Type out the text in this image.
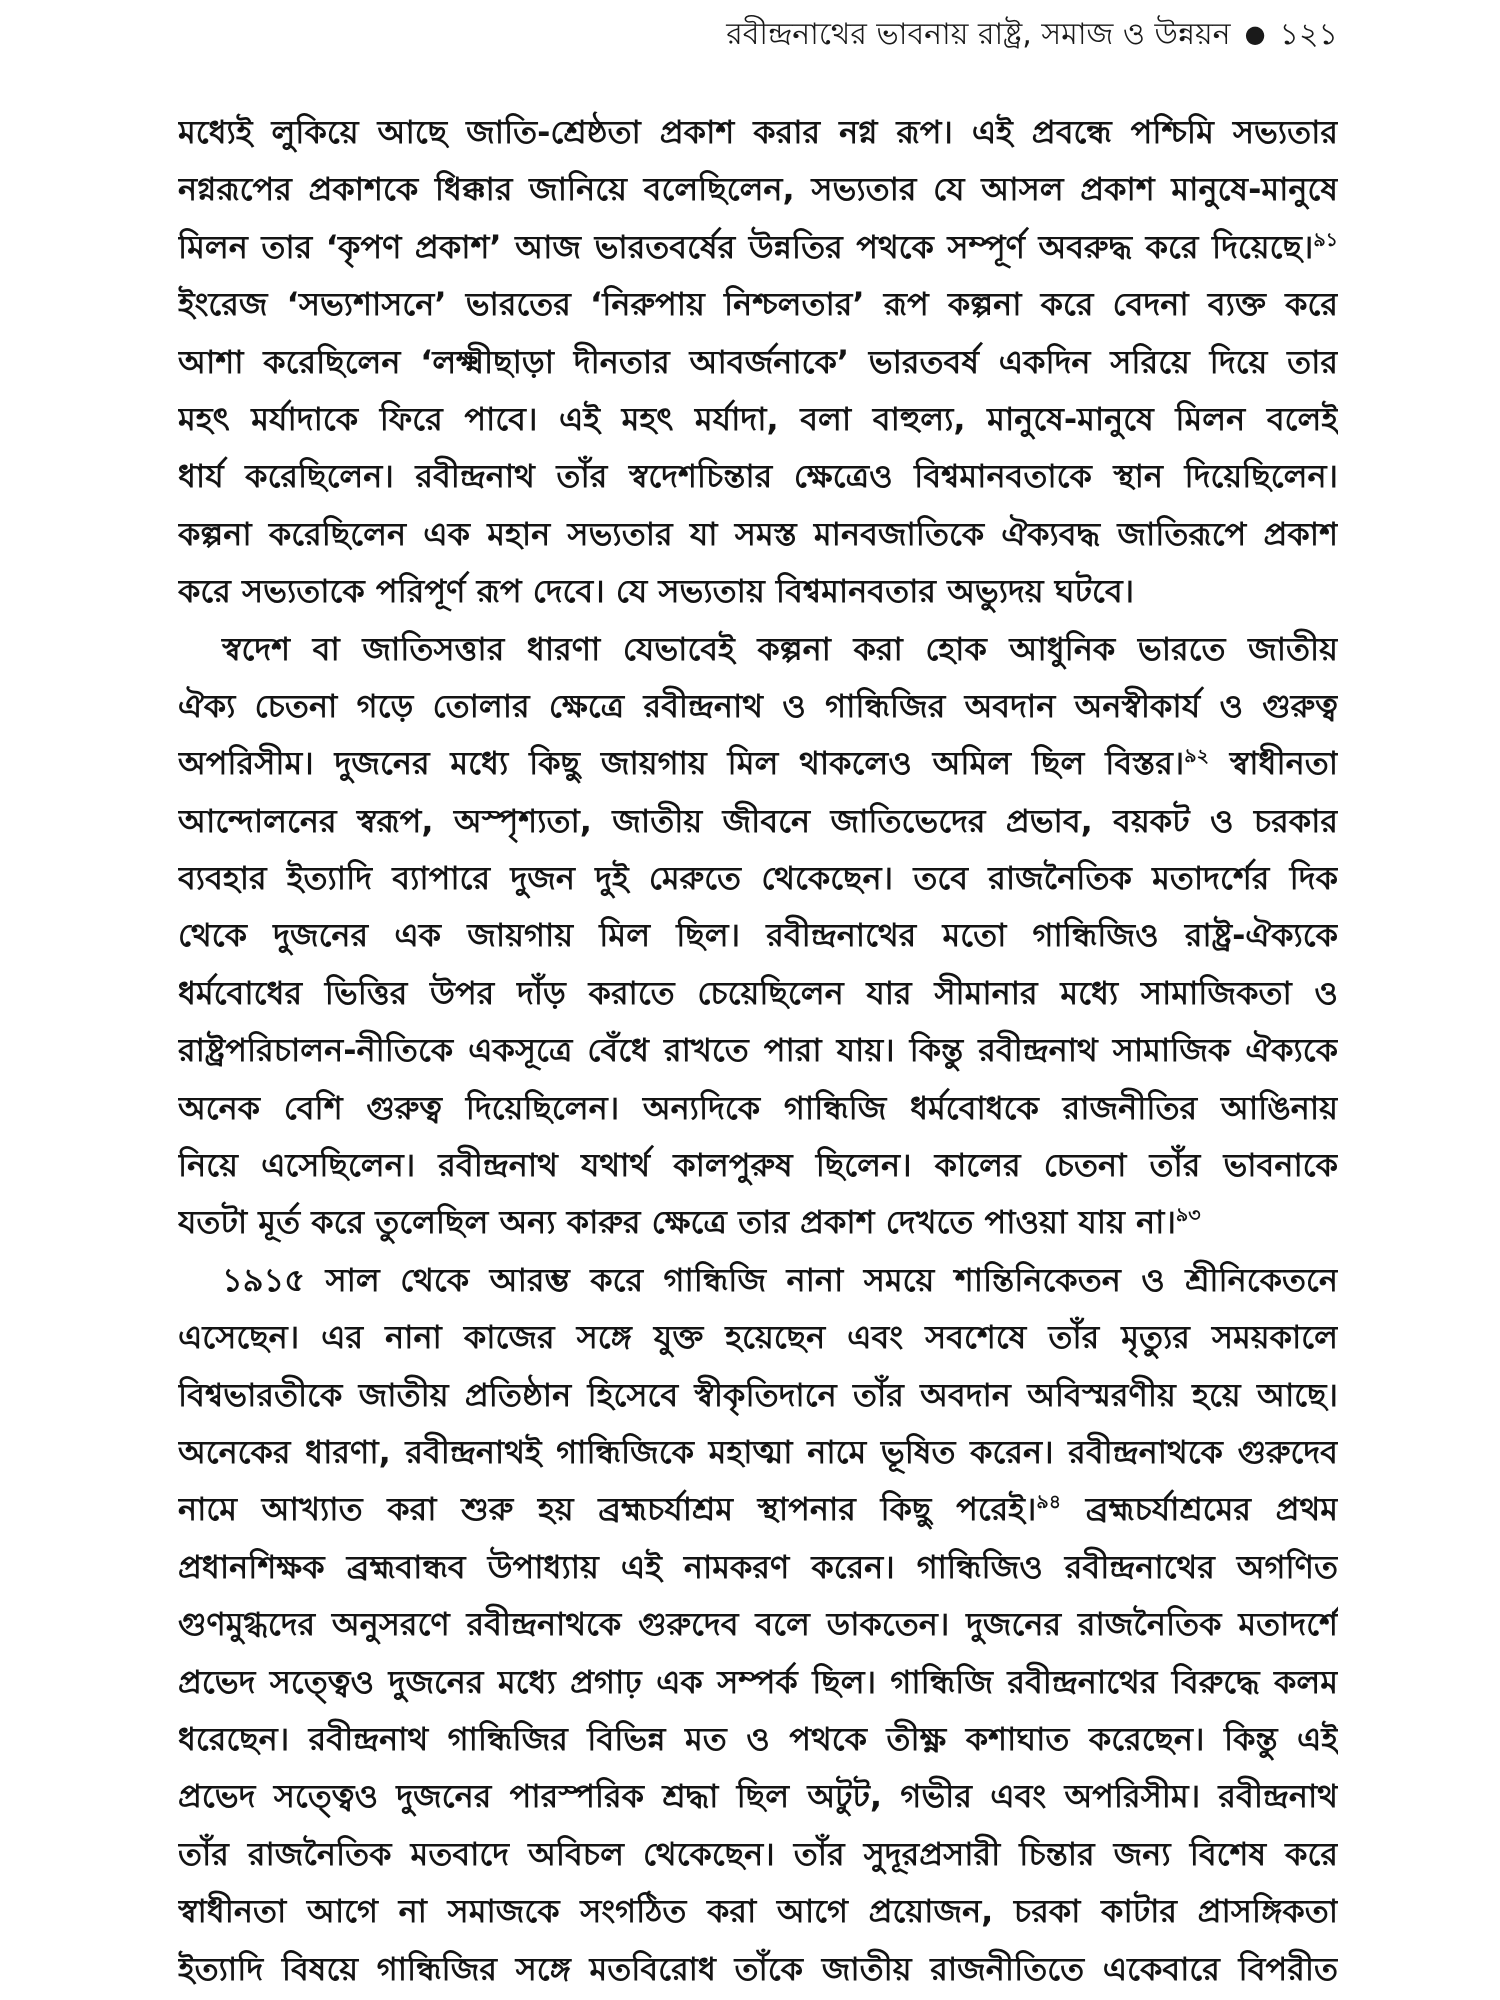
রবীন্দ্রনাথের ভাবনায় রাষ্ট্র, সমাজ ও উন্নয়ন ● ১২১
মধ্যেই লুকিয়ে আছে জাতি-শ্রেষ্ঠতা প্রকাশ করার নগ্ন রূপ। এই প্রবন্ধে পশ্চিমি সভ্যতার
নগ্নরূপের প্রকাশকে ধিক্কার জানিয়ে বলেছিলেন, সভ্যতার যে আসল প্রকাশ মানুষে-মানুষে
মিলন তার ‘কৃপণ প্রকাশ’ আজ ভারতবর্ষের উন্নতির পথকে সম্পূর্ণ অবরুদ্ধ করে দিয়েছে।$^{৯১}$
ইংরেজ ‘সভ্যশাসনে’ ভারতের ‘নিরুপায় নিশ্চলতার’ রূপ কল্পনা করে বেদনা ব্যক্ত করে
আশা করেছিলেন ‘লক্ষ্মীছাড়া দীনতার আবর্জনাকে’ ভারতবর্ষ একদিন সরিয়ে দিয়ে তার
মহৎ মর্যাদাকে ফিরে পাবে। এই মহৎ মর্যাদা, বলা বাহুল্য, মানুষে-মানুষে মিলন বলেই
ধার্য করেছিলেন। রবীন্দ্রনাথ তাঁর স্বদেশচিন্তার ক্ষেত্রেও বিশ্বমানবতাকে স্থান দিয়েছিলেন।
কল্পনা করেছিলেন এক মহান সভ্যতার যা সমস্ত মানবজাতিকে ঐক্যবদ্ধ জাতিরূপে প্রকাশ
করে সভ্যতাকে পরিপূর্ণ রূপ দেবে। যে সভ্যতায় বিশ্বমানবতার অভ্যুদয় ঘটবে।
স্বদেশ বা জাতিসত্তার ধারণা যেভাবেই কল্পনা করা হোক আধুনিক ভারতে জাতীয়
ঐক্য চেতনা গড়ে তোলার ক্ষেত্রে রবীন্দ্রনাথ ও গান্ধিজির অবদান অনস্বীকার্য ও গুরুত্ব
অপরিসীম। দুজনের মধ্যে কিছু জায়গায় মিল থাকলেও অমিল ছিল বিস্তর।$^{৯২}$ স্বাধীনতা
আন্দোলনের স্বরূপ, অস্পৃশ্যতা, জাতীয় জীবনে জাতিভেদের প্রভাব, বয়কট ও চরকার
ব্যবহার ইত্যাদি ব্যাপারে দুজন দুই মেরুতে থেকেছেন। তবে রাজনৈতিক মতাদর্শের দিক
থেকে দুজনের এক জায়গায় মিল ছিল। রবীন্দ্রনাথের মতো গান্ধিজিও রাষ্ট্র-ঐক্যকে
ধর্মবোধের ভিত্তির উপর দাঁড় করাতে চেয়েছিলেন যার সীমানার মধ্যে সামাজিকতা ও
রাষ্ট্রপরিচালন-নীতিকে একসূত্রে বেঁধে রাখতে পারা যায়। কিন্তু রবীন্দ্রনাথ সামাজিক ঐক্যকে
অনেক বেশি গুরুত্ব দিয়েছিলেন। অন্যদিকে গান্ধিজি ধর্মবোধকে রাজনীতির আঙিনায়
নিয়ে এসেছিলেন। রবীন্দ্রনাথ যথার্থ কালপুরুষ ছিলেন। কালের চেতনা তাঁর ভাবনাকে
যতটা মূর্ত করে তুলেছিল অন্য কারুর ক্ষেত্রে তার প্রকাশ দেখতে পাওয়া যায় না।$^{৯৩}$
১৯১৫ সাল থেকে আরম্ভ করে গান্ধিজি নানা সময়ে শান্তিনিকেতন ও শ্রীনিকেতনে
এসেছেন। এর নানা কাজের সঙ্গে যুক্ত হয়েছেন এবং সবশেষে তাঁর মৃত্যুর সময়কালে
বিশ্বভারতীকে জাতীয় প্রতিষ্ঠান হিসেবে স্বীকৃতিদানে তাঁর অবদান অবিস্মরণীয় হয়ে আছে।
অনেকের ধারণা, রবীন্দ্রনাথই গান্ধিজিকে মহাত্মা নামে ভূষিত করেন। রবীন্দ্রনাথকে গুরুদেব
নামে আখ্যাত করা শুরু হয় ব্রহ্মচর্যাশ্রম স্থাপনার কিছু পরেই।$^{৯৪}$ ব্রহ্মচর্যাশ্রমের প্রথম
প্রধানশিক্ষক ব্রহ্মবান্ধব উপাধ্যায় এই নামকরণ করেন। গান্ধিজিও রবীন্দ্রনাথের অগণিত
গুণমুগ্ধদের অনুসরণে রবীন্দ্রনাথকে গুরুদেব বলে ডাকতেন। দুজনের রাজনৈতিক মতাদর্শে
প্রভেদ সত্ত্বেও দুজনের মধ্যে প্রগাঢ় এক সম্পর্ক ছিল। গান্ধিজি রবীন্দ্রনাথের বিরুদ্ধে কলম
ধরেছেন। রবীন্দ্রনাথ গান্ধিজির বিভিন্ন মত ও পথকে তীক্ষ্ণ কশাঘাত করেছেন। কিন্তু এই
প্রভেদ সত্ত্বেও দুজনের পারস্পরিক শ্রদ্ধা ছিল অটুট, গভীর এবং অপরিসীম। রবীন্দ্রনাথ
তাঁর রাজনৈতিক মতবাদে অবিচল থেকেছেন। তাঁর সুদূরপ্রসারী চিন্তার জন্য বিশেষ করে
স্বাধীনতা আগে না সমাজকে সংগঠিত করা আগে প্রয়োজন, চরকা কাটার প্রাসঙ্গিকতা
ইত্যাদি বিষয়ে গান্ধিজির সঙ্গে মতবিরোধ তাঁকে জাতীয় রাজনীতিতে একেবারে বিপরীত
